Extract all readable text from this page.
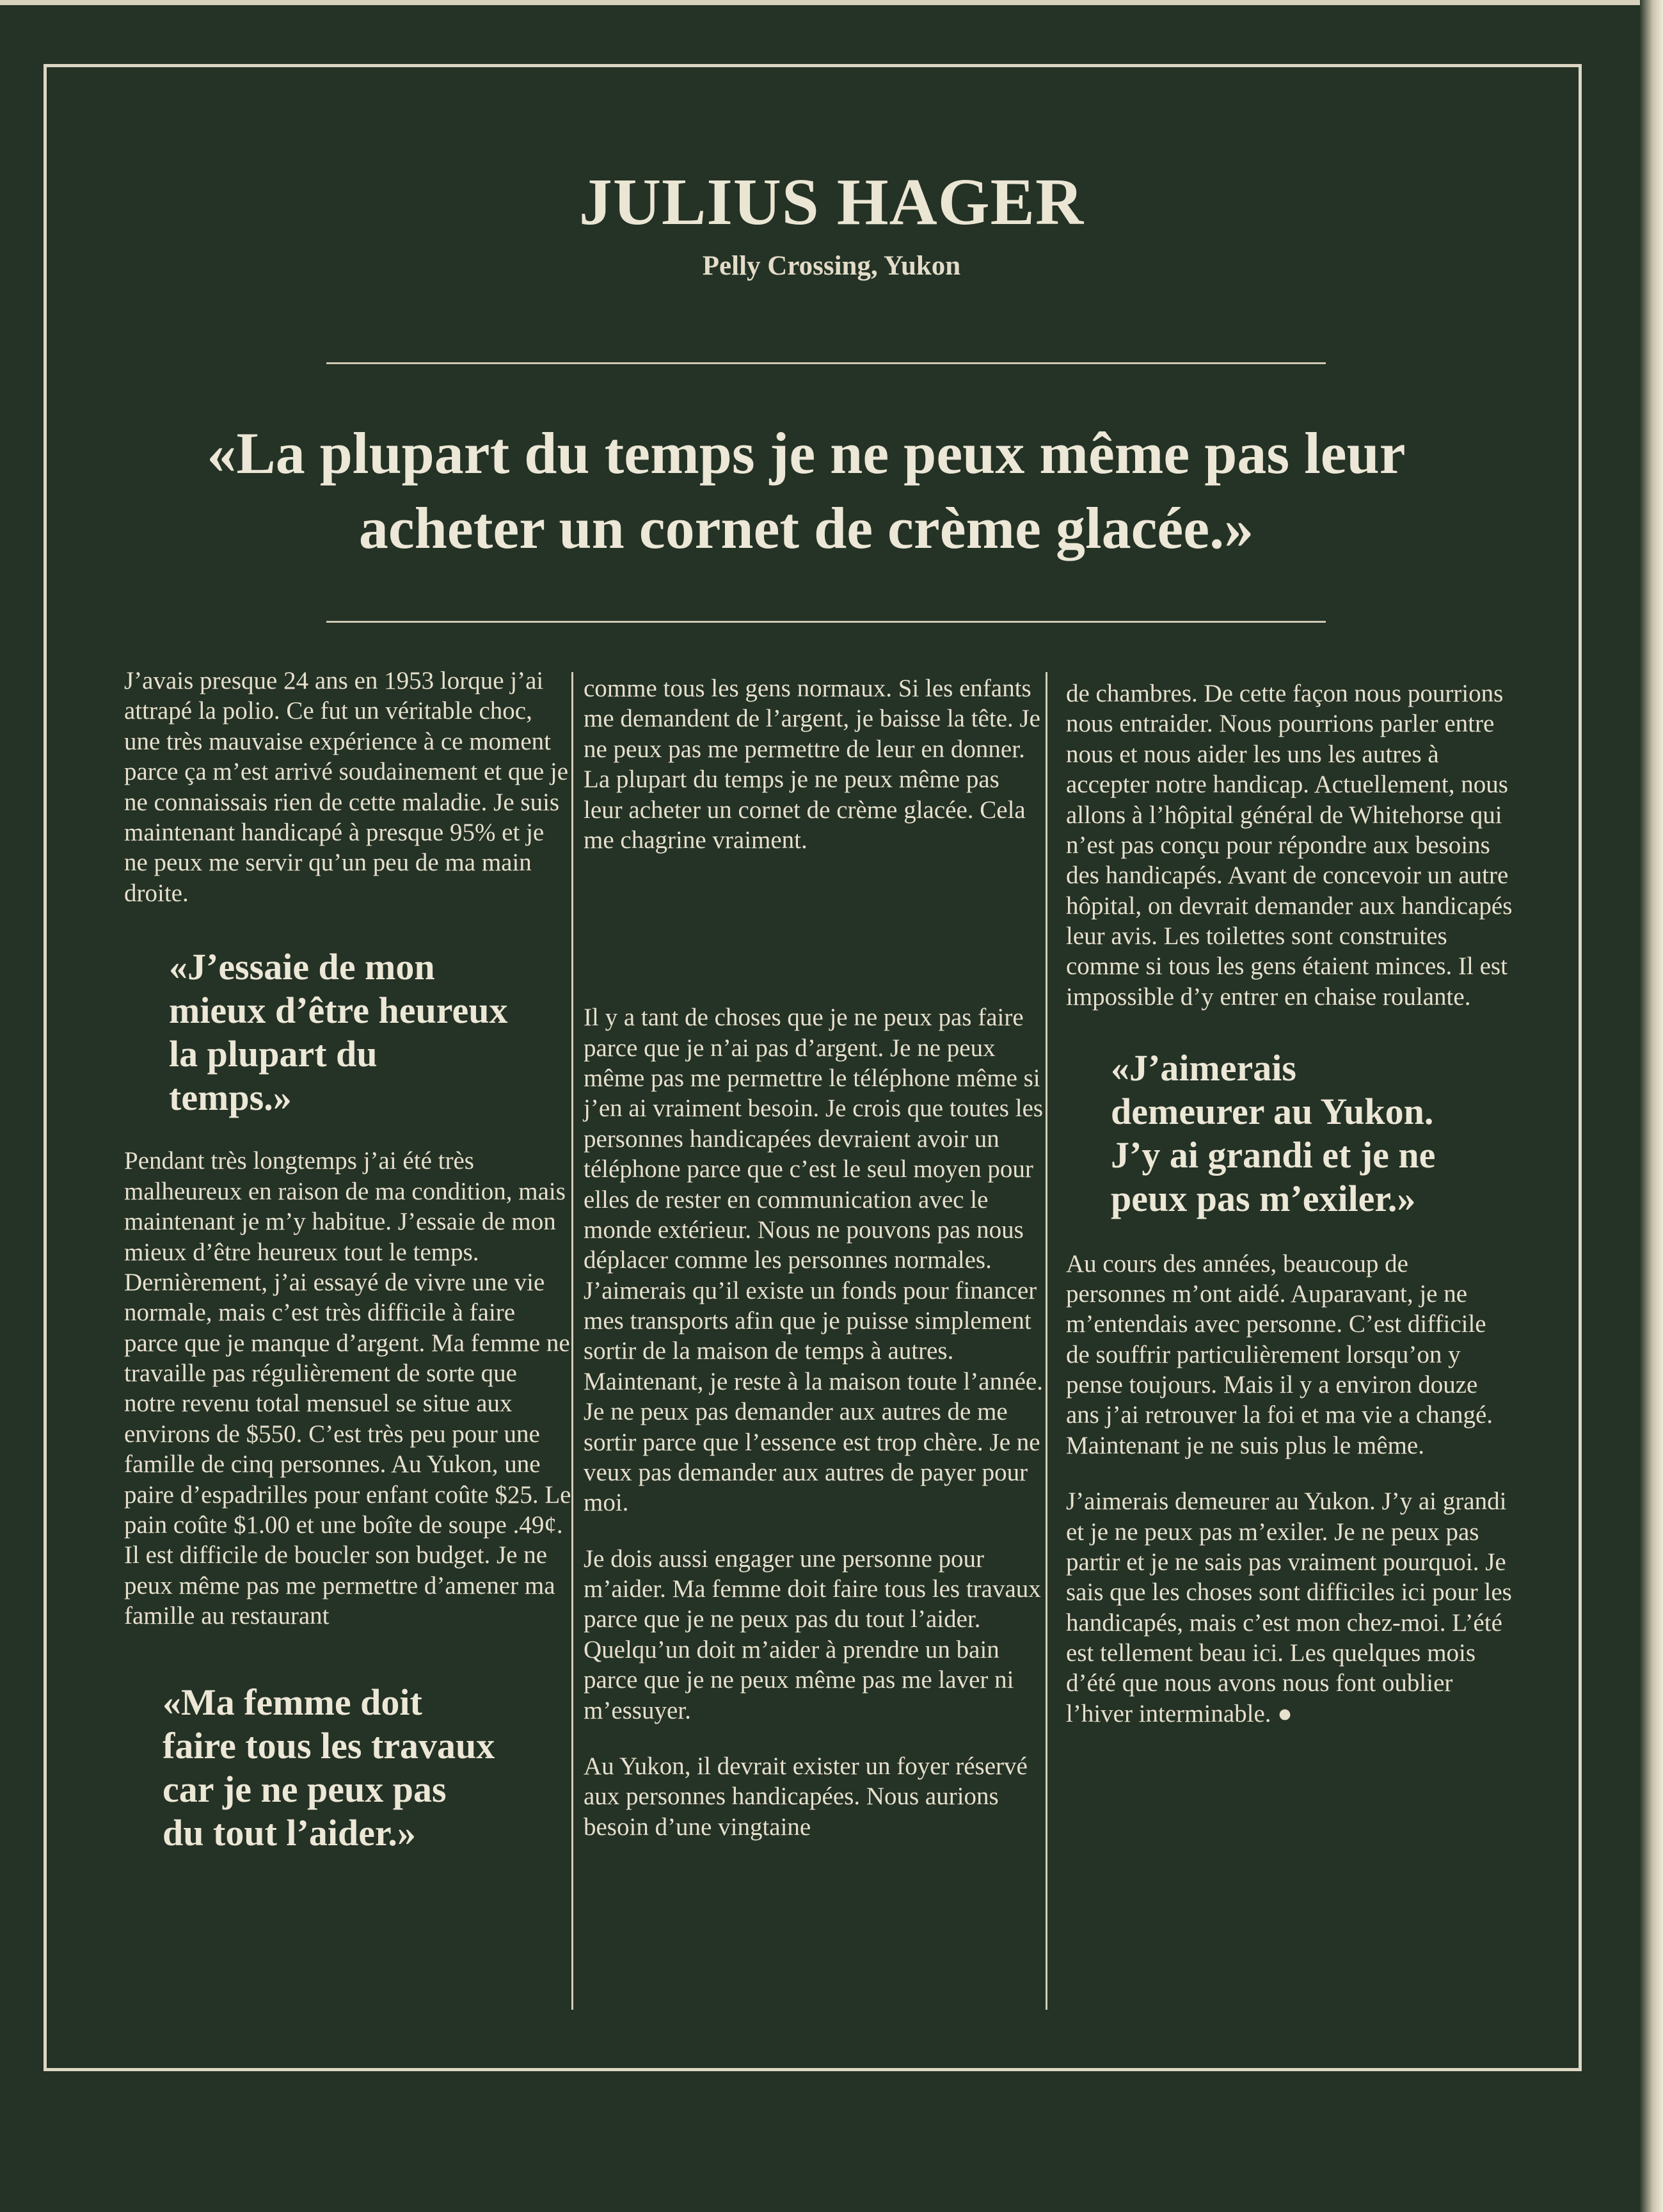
JULIUS HAGER
Pelly Crossing, Yukon
«La plupart du temps je ne peux même pas leur
acheter un cornet de crème glacée.»

J’avais presque 24 ans en 1953 lorque j’ai attrapé la polio. Ce fut un véritable choc, une très mauvaise expérience à ce moment parce ça m’est arrivé soudainement et que je ne connaissais rien de cette maladie. Je suis maintenant handicapé à presque 95% et je ne peux me servir qu’un peu de ma main droite.

«J’essaie de mon mieux d’être heureux la plupart du temps.»

Pendant très longtemps j’ai été très malheureux en raison de ma condition, mais maintenant je m’y habitue. J’essaie de mon mieux d’être heureux tout le temps. Dernièrement, j’ai essayé de vivre une vie normale, mais c’est très difficile à faire parce que je manque d’argent. Ma femme ne travaille pas régulièrement de sorte que notre revenu total mensuel se situe aux environs de $550. C’est très peu pour une famille de cinq personnes. Au Yukon, une paire d’espadrilles pour enfant coûte $25. Le pain coûte $1.00 et une boîte de soupe .49¢. Il est difficile de boucler son budget. Je ne peux même pas me permettre d’amener ma famille au restaurant

«Ma femme doit faire tous les travaux car je ne peux pas du tout l’aider.»

comme tous les gens normaux. Si les enfants me demandent de l’argent, je baisse la tête. Je ne peux pas me permettre de leur en donner. La plupart du temps je ne peux même pas leur acheter un cornet de crème glacée. Cela me chagrine vraiment.

Il y a tant de choses que je ne peux pas faire parce que je n’ai pas d’argent. Je ne peux même pas me permettre le téléphone même si j’en ai vraiment besoin. Je crois que toutes les personnes handicapées devraient avoir un téléphone parce que c’est le seul moyen pour elles de rester en communication avec le monde extérieur. Nous ne pouvons pas nous déplacer comme les personnes normales. J’aimerais qu’il existe un fonds pour financer mes transports afin que je puisse simplement sortir de la maison de temps à autres. Maintenant, je reste à la maison toute l’année. Je ne peux pas demander aux autres de me sortir parce que l’essence est trop chère. Je ne veux pas demander aux autres de payer pour moi.

Je dois aussi engager une personne pour m’aider. Ma femme doit faire tous les travaux parce que je ne peux pas du tout l’aider. Quelqu’un doit m’aider à prendre un bain parce que je ne peux même pas me laver ni m’essuyer.

Au Yukon, il devrait exister un foyer réservé aux personnes handicapées. Nous aurions besoin d’une vingtaine

de chambres. De cette façon nous pourrions nous entraider. Nous pourrions parler entre nous et nous aider les uns les autres à accepter notre handicap. Actuellement, nous allons à l’hôpital général de Whitehorse qui n’est pas conçu pour répondre aux besoins des handicapés. Avant de concevoir un autre hôpital, on devrait demander aux handicapés leur avis. Les toilettes sont construites comme si tous les gens étaient minces. Il est impossible d’y entrer en chaise roulante.

«J’aimerais demeurer au Yukon. J’y ai grandi et je ne peux pas m’exiler.»

Au cours des années, beaucoup de personnes m’ont aidé. Auparavant, je ne m’entendais avec personne. C’est difficile de souffrir particulièrement lorsqu’on y pense toujours. Mais il y a environ douze ans j’ai retrouver la foi et ma vie a changé. Maintenant je ne suis plus le même.

J’aimerais demeurer au Yukon. J’y ai grandi et je ne peux pas m’exiler. Je ne peux pas partir et je ne sais pas vraiment pourquoi. Je sais que les choses sont difficiles ici pour les handicapés, mais c’est mon chez-moi. L’été est tellement beau ici. Les quelques mois d’été que nous avons nous font oublier l’hiver interminable. ●
